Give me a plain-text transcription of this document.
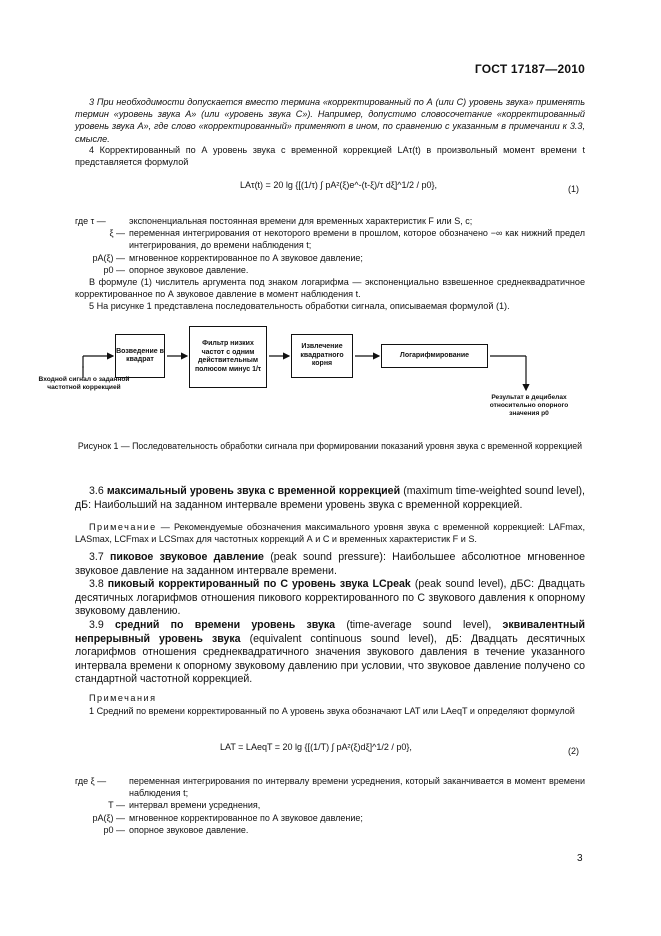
ГОСТ 17187—2010
3 При необходимости допускается вместо термина «корректированный по А (или С) уровень звука» применять термин «уровень звука А» (или «уровень звука С»). Например, допустимо словосочетание «корректированный уровень звука А», где слово «корректированный» применяют в ином, по сравнению с указанным в примечании к 3.3, смысле.
4 Корректированный по А уровень звука с временной коррекцией LAτ(t) в произвольный момент времени t представляется формулой
LAτ(t) = 20 lg {[(1/τ) ∫ pA²(ξ)e^-(t-ξ)/τ dξ]^1/2 / p0},	(1)
где τ —	экспоненциальная постоянная времени для временных характеристик F или S, с;
ξ — переменная интегрирования от некоторого времени в прошлом, которое обозначено −∞ как нижний предел интегрирования, до времени наблюдения t;
pA(ξ) — мгновенное корректированное по А звуковое давление;
p0 — опорное звуковое давление.
В формуле (1) числитель аргумента под знаком логарифма — экспоненциально взвешенное среднеквадратичное корректированное по А звуковое давление в момент наблюдения t.
5 На рисунке 1 представлена последовательность обработки сигнала, описываемая формулой (1).
Возведение в квадрат
Фильтр низких частот с одним действительным полюсом минус 1/τ
Извлечение квадратного корня
Логарифмирование
Входной сигнал о заданной частотной коррекцией
Результат в децибелах относительно опорного значения p0
Рисунок 1 — Последовательность обработки сигнала при формировании показаний уровня звука с временной коррекцией
3.6 максимальный уровень звука с временной коррекцией (maximum time-weighted sound level), дБ: Наибольший на заданном интервале времени уровень звука с временной коррекцией.
Примечание — Рекомендуемые обозначения максимального уровня звука с временной коррекцией: LAFmax, LASmax, LCFmax и LCSmax для частотных коррекций А и С и временных характеристик F и S.
3.7 пиковое звуковое давление (peak sound pressure): Наибольшее абсолютное мгновенное звуковое давление на заданном интервале времени.
3.8 пиковый корректированный по С уровень звука LCpeak (peak sound level), дБС: Двадцать десятичных логарифмов отношения пикового корректированного по С звукового давления к опорному звуковому давлению.
3.9 средний по времени уровень звука (time-average sound level), эквивалентный непрерывный уровень звука (equivalent continuous sound level), дБ: Двадцать десятичных логарифмов отношения среднеквадратичного значения звукового давления в течение указанного интервала времени к опорному звуковому давлению при условии, что звуковое давление получено со стандартной частотной коррекцией.
Примечания
1 Средний по времени корректированный по А уровень звука обозначают LAT или LAeqT и определяют формулой
LAT = LAeqT = 20 lg {[(1/T) ∫ pA²(ξ)dξ]^1/2 / p0},	(2)
где ξ —	переменная интегрирования по интервалу времени усреднения, который заканчивается в момент времени наблюдения t;
T — интервал времени усреднения,
pA(ξ) — мгновенное корректированное по А звуковое давление;
p0 — опорное звуковое давление.
3
